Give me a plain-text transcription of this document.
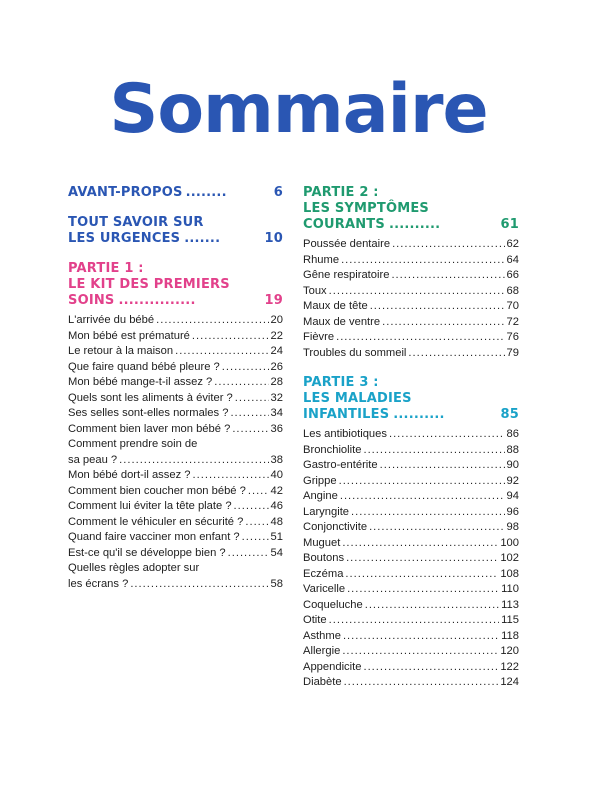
Sommaire
AVANT-PROPOS ........	6
TOUT SAVOIR SUR
LES URGENCES .......	10
PARTIE 1 :
LE KIT DES PREMIERS
SOINS ...............	19
L'arrivée du bébé .....	20
Mon bébé est prématuré .....	22
Le retour à la maison .....	24
Que faire quand bébé pleure ? .....	26
Mon bébé mange-t-il assez ? .....	28
Quels sont les aliments à éviter ? .....	32
Ses selles sont-elles normales ? .....	34
Comment bien laver mon bébé ? .....	36
Comment prendre soin de
sa peau ? .....	38
Mon bébé dort-il assez ? .....	40
Comment bien coucher mon bébé ? ..... 42
Comment lui éviter la tête plate ? .....	46
Comment le véhiculer en sécurité ? ..... 48
Quand faire vacciner mon enfant ? .....	51
Est-ce qu'il se développe bien ? .....	54
Quelles règles adopter sur
les écrans ? .....	58
PARTIE 2 :
LES SYMPTÔMES
COURANTS ..........	61
Poussée dentaire .....	62
Rhume .....	64
Gêne respiratoire .....	66
Toux .....	68
Maux de tête .....	70
Maux de ventre .....	72
Fièvre .....	76
Troubles du sommeil .....	79
PARTIE 3 :
LES MALADIES
INFANTILES ..........	85
Les antibiotiques .....	86
Bronchiolite .....	88
Gastro-entérite .....	90
Grippe .....	92
Angine .....	94
Laryngite .....	96
Conjonctivite .....	98
Muguet .....	100
Boutons .....	102
Eczéma .....	108
Varicelle .....	110
Coqueluche .....	113
Otite .....	115
Asthme .....	118
Allergie .....	120
Appendicite .....	122
Diabète .....	124
